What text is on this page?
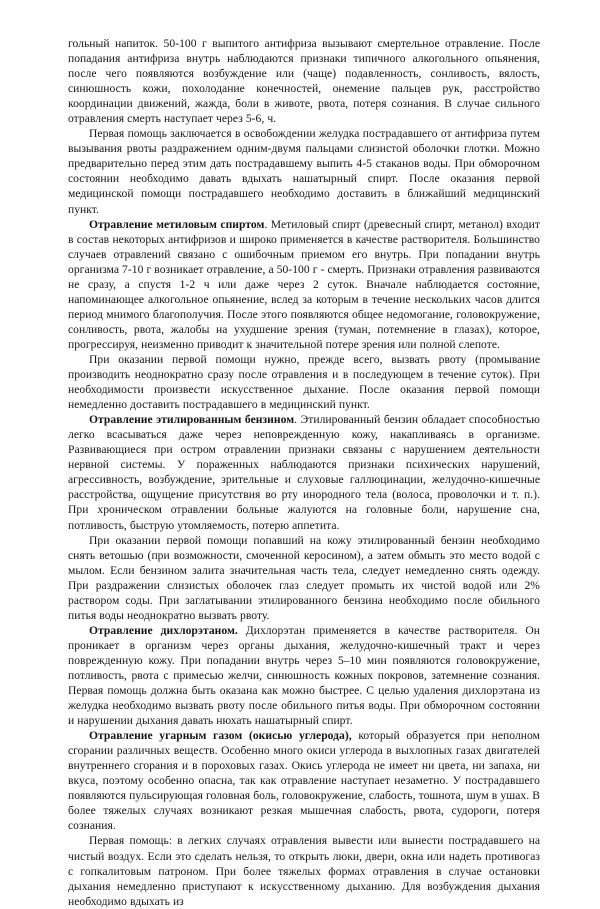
гольный напиток. 50-100 г выпитого антифриза вызывают смертельное отравление. После попадания антифриза внутрь наблюдаются признаки типичного алкогольного опьянения, после чего появляются возбуждение или (чаще) подавленность, сонливость, вялость, синюшность кожи, похолодание конечностей, онемение пальцев рук, расстройство координации движений, жажда, боли в животе, рвота, потеря сознания. В случае сильного отравления смерть наступает через 5-6, ч.

Первая помощь заключается в освобождении желудка пострадавшего от антифриза путем вызывания рвоты раздражением одним-двумя пальцами слизистой оболочки глотки. Можно предварительно перед этим дать пострадавшему выпить 4-5 стаканов воды. При обморочном состоянии необходимо давать вдыхать нашатырный спирт. После оказания первой медицинской помощи пострадавшего необходимо доставить в ближайший медицинский пункт.

Отравление метиловым спиртом. Метиловый спирт (древесный спирт, метанол) входит в состав некоторых антифризов и широко применяется в качестве растворителя. Большинство случаев отравлений связано с ошибочным приемом его внутрь. При попадании внутрь организма 7-10 г возникает отравление, а 50-100 г - смерть. Признаки отравления развиваются не сразу, а спустя 1-2 ч или даже через 2 суток. Вначале наблюдается состояние, напоминающее алкогольное опьянение, вслед за которым в течение нескольких часов длится период мнимого благополучия. После этого появляются общее недомогание, головокружение, сонливость, рвота, жалобы на ухудшение зрения (туман, потемнение в глазах), которое, прогрессируя, неизменно приводит к значительной потере зрения или полной слепоте.

При оказании первой помощи нужно, прежде всего, вызвать рвоту (промывание производить неоднократно сразу после отравления и в последующем в течение суток). При необходимости произвести искусственное дыхание. После оказания первой помощи немедленно доставить пострадавшего в медицинский пункт.

Отравление этилированным бензином. Этилированный бензин обладает способностью легко всасываться даже через неповрежденную кожу, накапливаясь в организме. Развивающиеся при остром отравлении признаки связаны с нарушением деятельности нервной системы. У пораженных наблюдаются признаки психических нарушений, агрессивность, возбуждение, зрительные и слуховые галлюцинации, желудочно-кишечные расстройства, ощущение присутствия во рту инородного тела (волоса, проволочки и т. п.). При хроническом отравлении больные жалуются на головные боли, нарушение сна, потливость, быструю утомляемость, потерю аппетита.

При оказании первой помощи попавший на кожу этилированный бензин необходимо снять ветошью (при возможности, смоченной керосином), а затем обмыть это место водой с мылом. Если бензином залита значительная часть тела, следует немедленно снять одежду. При раздражении слизистых оболочек глаз следует промыть их чистой водой или 2% раствором соды. При заглатывании этилированного бензина необходимо после обильного питья воды неоднократно вызвать рвоту.

Отравление дихлорэтаном. Дихлорэтан применяется в качестве растворителя. Он проникает в организм через органы дыхания, желудочно-кишечный тракт и через поврежденную кожу. При попадании внутрь через 5–10 мин появляются головокружение, потливость, рвота с примесью желчи, синюшность кожных покровов, затемнение сознания. Первая помощь должна быть оказана как можно быстрее. С целью удаления дихлорэтана из желудка необходимо вызвать рвоту после обильного питья воды. При обморочном состоянии и нарушении дыхания давать нюхать нашатырный спирт.

Отравление угарным газом (окисью углерода), который образуется при неполном сгорании различных веществ. Особенно много окиси углерода в выхлопных газах двигателей внутреннего сгорания и в пороховых газах. Окись углерода не имеет ни цвета, ни запаха, ни вкуса, поэтому особенно опасна, так как отравление наступает незаметно. У пострадавшего появляются пульсирующая головная боль, головокружение, слабость, тошнота, шум в ушах. В более тяжелых случаях возникают резкая мышечная слабость, рвота, судороги, потеря сознания.

Первая помощь: в легких случаях отравления вывести или вынести пострадавшего на чистый воздух. Если это сделать нельзя, то открыть люки, двери, окна или надеть противогаз с гопкалитовым патроном. При более тяжелых формах отравления в случае остановки дыхания немедленно приступают к искусственному дыханию. Для возбуждения дыхания необходимо вдыхать из
